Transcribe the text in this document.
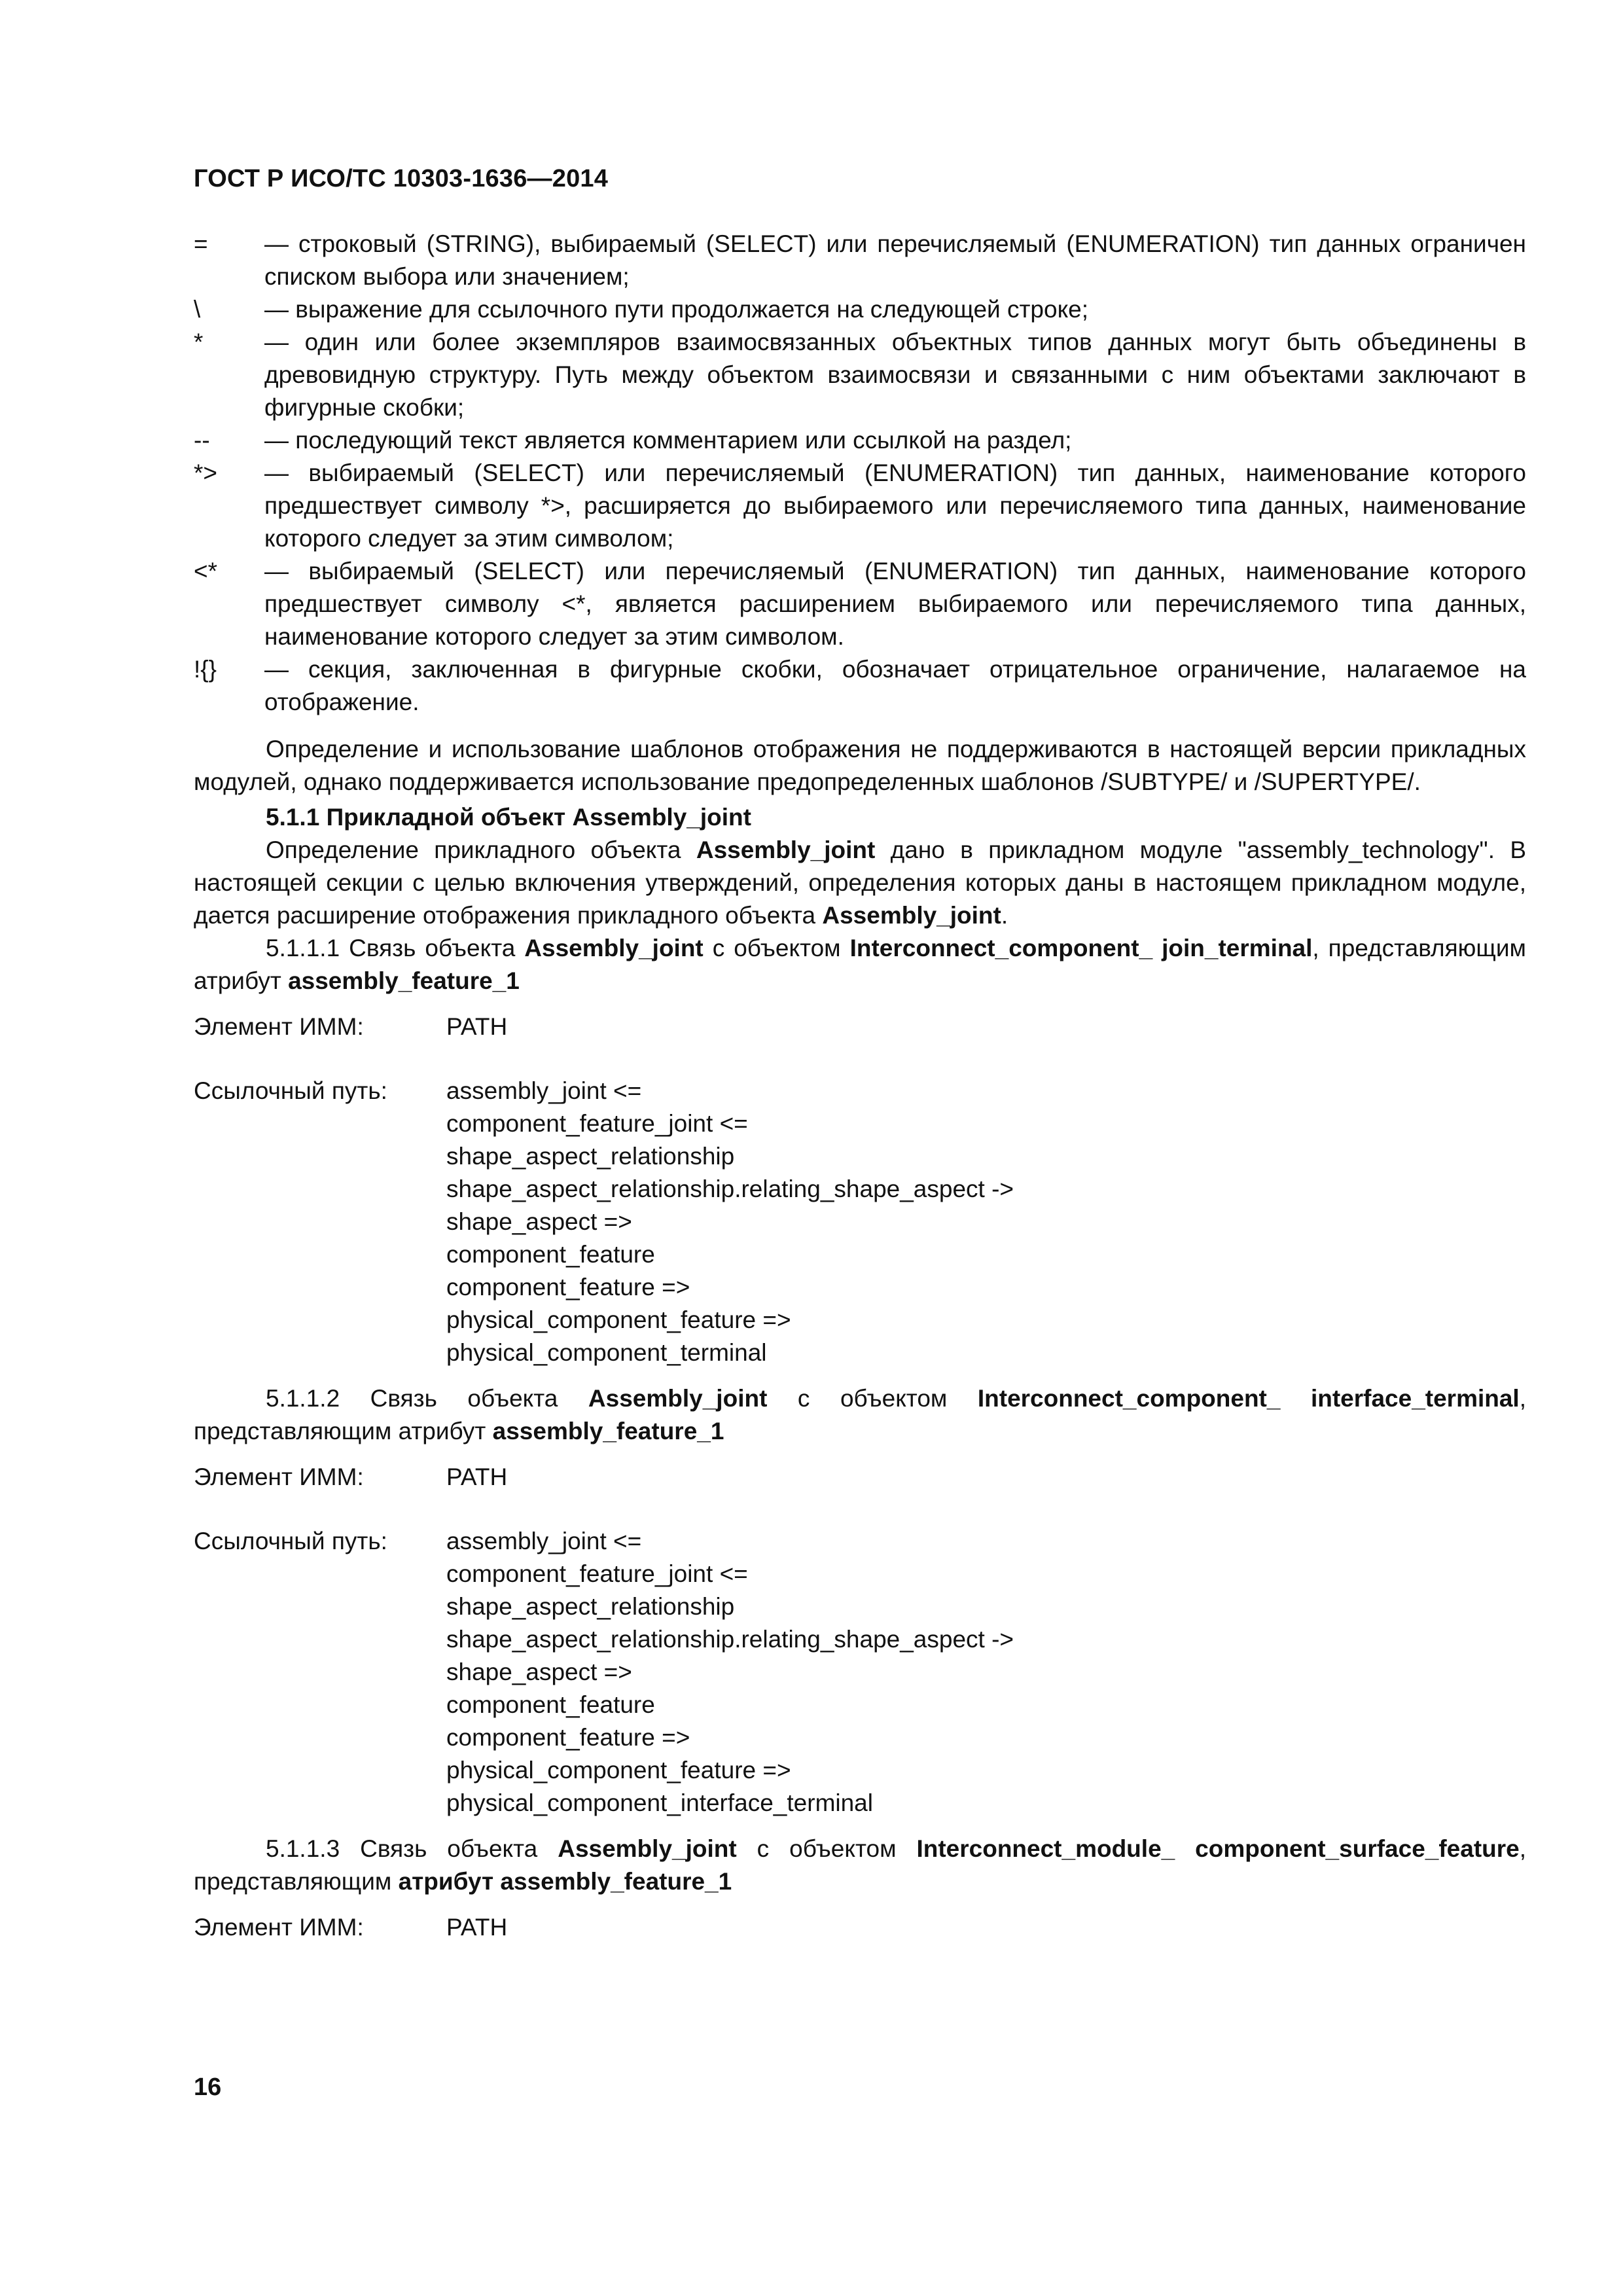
ГОСТ Р ИСО/ТС 10303-1636—2014
=	— строковый (STRING), выбираемый (SELECT) или перечисляемый (ENUMERATION) тип данных ограничен списком выбора или значением;
\	— выражение для ссылочного пути продолжается на следующей строке;
*	— один или более экземпляров взаимосвязанных объектных типов данных могут быть объединены в древовидную структуру. Путь между объектом взаимосвязи и связанными с ним объектами заключают в фигурные скобки;
--	— последующий текст является комментарием или ссылкой на раздел;
*>	— выбираемый (SELECT) или перечисляемый (ENUMERATION) тип данных, наименование которого предшествует символу *>, расширяется до выбираемого или перечисляемого типа данных, наименование которого следует за этим символом;
<*	— выбираемый (SELECT) или перечисляемый (ENUMERATION) тип данных, наименование которого предшествует символу <*, является расширением выбираемого или перечисляемого типа данных, наименование которого следует за этим символом.
!{}	— секция, заключенная в фигурные скобки, обозначает отрицательное ограничение, налагаемое на отображение.

Определение и использование шаблонов отображения не поддерживаются в настоящей версии прикладных модулей, однако поддерживается использование предопределенных шаблонов /SUBTYPE/ и /SUPERTYPE/.

5.1.1 Прикладной объект Assembly_joint

Определение прикладного объекта Assembly_joint дано в прикладном модуле "assembly_technology". В настоящей секции с целью включения утверждений, определения которых даны в настоящем прикладном модуле, дается расширение отображения прикладного объекта Assembly_joint.

5.1.1.1 Связь объекта Assembly_joint с объектом Interconnect_component_ join_terminal, представляющим атрибут assembly_feature_1

Элемент ИММ:	PATH
Ссылочный путь:	assembly_joint <=
component_feature_joint <=
shape_aspect_relationship
shape_aspect_relationship.relating_shape_aspect ->
shape_aspect =>
component_feature
component_feature =>
physical_component_feature =>
physical_component_terminal

5.1.1.2 Связь объекта Assembly_joint с объектом Interconnect_component_ interface_terminal, представляющим атрибут assembly_feature_1

Элемент ИММ:	PATH
Ссылочный путь:	assembly_joint <=
component_feature_joint <=
shape_aspect_relationship
shape_aspect_relationship.relating_shape_aspect ->
shape_aspect =>
component_feature
component_feature =>
physical_component_feature =>
physical_component_interface_terminal

5.1.1.3 Связь объекта Assembly_joint с объектом Interconnect_module_ component_surface_feature, представляющим атрибут assembly_feature_1

Элемент ИММ:	PATH
16
